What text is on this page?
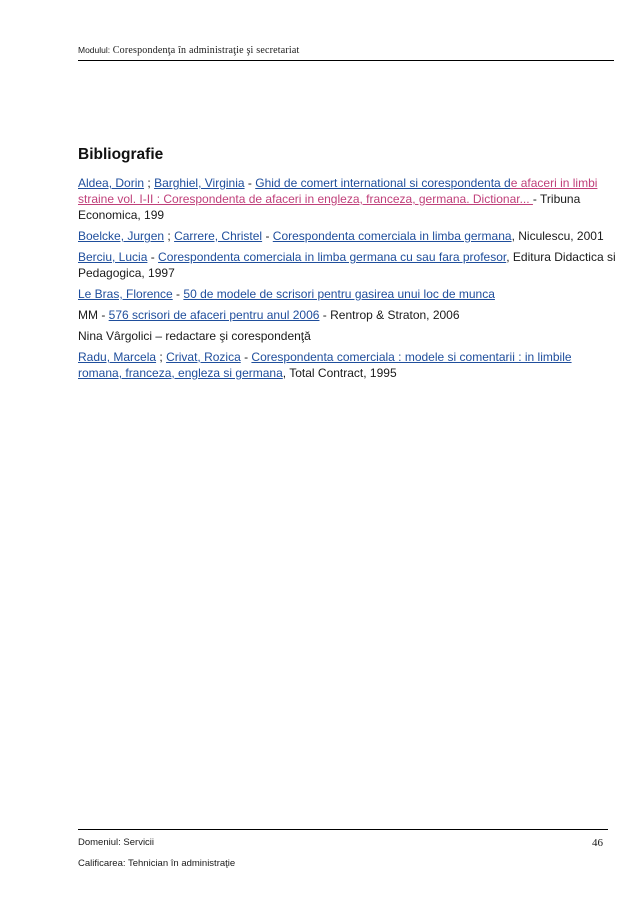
Modulul: Corespondenţa în administraţie şi secretariat
Bibliografie

Aldea, Dorin ; Barghiel, Virginia - Ghid de comert international si corespondenta de afaceri in limbi straine vol. I-II : Corespondenta de afaceri in engleza, franceza, germana. Dictionar... - Tribuna Economica, 199

Boelcke, Jurgen ; Carrere, Christel - Corespondenta comerciala in limba germana, Niculescu, 2001

Berciu, Lucia - Corespondenta comerciala in limba germana cu sau fara profesor, Editura Didactica si Pedagogica, 1997

Le Bras, Florence - 50 de modele de scrisori pentru gasirea unui loc de munca

MM - 576 scrisori de afaceri pentru anul 2006 - Rentrop & Straton, 2006

Nina Vârgolici – redactare şi corespondenţă

Radu, Marcela ; Crivat, Rozica - Corespondenta comerciala : modele si comentarii : in limbile romana, franceza, engleza si germana, Total Contract, 1995

Domeniul: Servicii	46
Calificarea: Tehnician în administraţie
